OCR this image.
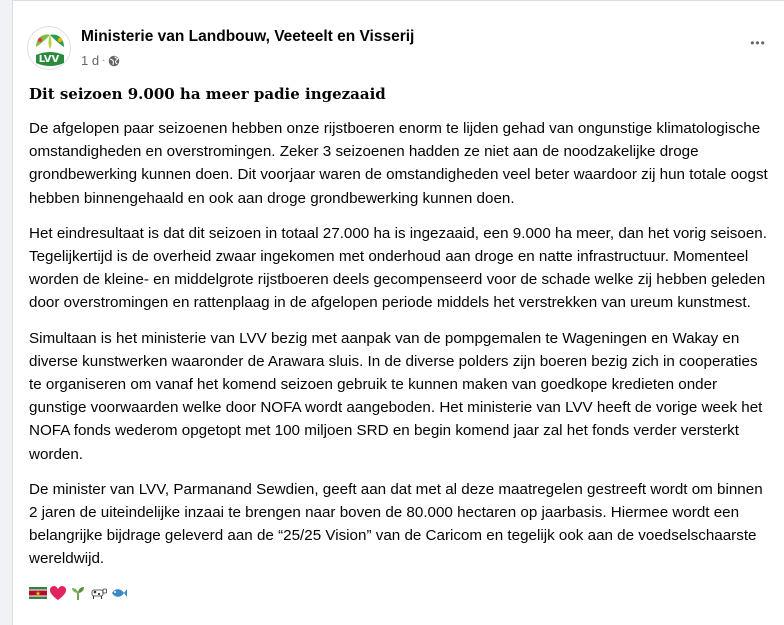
LVV
Ministerie van Landbouw, Veeteelt en Visserij
1 d ·
•••
Dit seizoen 9.000 ha meer padie ingezaaid

De afgelopen paar seizoenen hebben onze rijstboeren enorm te lijden gehad van ongunstige klimatologische omstandigheden en overstromingen. Zeker 3 seizoenen hadden ze niet aan de noodzakelijke droge grondbewerking kunnen doen. Dit voorjaar waren de omstandigheden veel beter waardoor zij hun totale oogst hebben binnengehaald en ook aan droge grondbewerking kunnen doen.

Het eindresultaat is dat dit seizoen in totaal 27.000 ha is ingezaaid, een 9.000 ha meer, dan het vorig seisoen. Tegelijkertijd is de overheid zwaar ingekomen met onderhoud aan droge en natte infrastructuur. Momenteel worden de kleine- en middelgrote rijstboeren deels gecompenseerd voor de schade welke zij hebben geleden door overstromingen en rattenplaag in de afgelopen periode middels het verstrekken van ureum kunstmest.

Simultaan is het ministerie van LVV bezig met aanpak van de pompgemalen te Wageningen en Wakay en diverse kunstwerken waaronder de Arawara sluis. In de diverse polders zijn boeren bezig zich in cooperaties te organiseren om vanaf het komend seizoen gebruik te kunnen maken van goedkope kredieten onder gunstige voorwaarden welke door NOFA wordt aangeboden. Het ministerie van LVV heeft de vorige week het NOFA fonds wederom opgetopt met 100 miljoen SRD en begin komend jaar zal het fonds verder versterkt worden.

De minister van LVV, Parmanand Sewdien, geeft aan dat met al deze maatregelen gestreeft wordt om binnen 2 jaren de uiteindelijke inzaai te brengen naar boven de 80.000 hectaren op jaarbasis. Hiermee wordt een belangrijke bijdrage geleverd aan de “25/25 Vision” van de Caricom en tegelijk ook aan de voedselschaarste wereldwijd.
